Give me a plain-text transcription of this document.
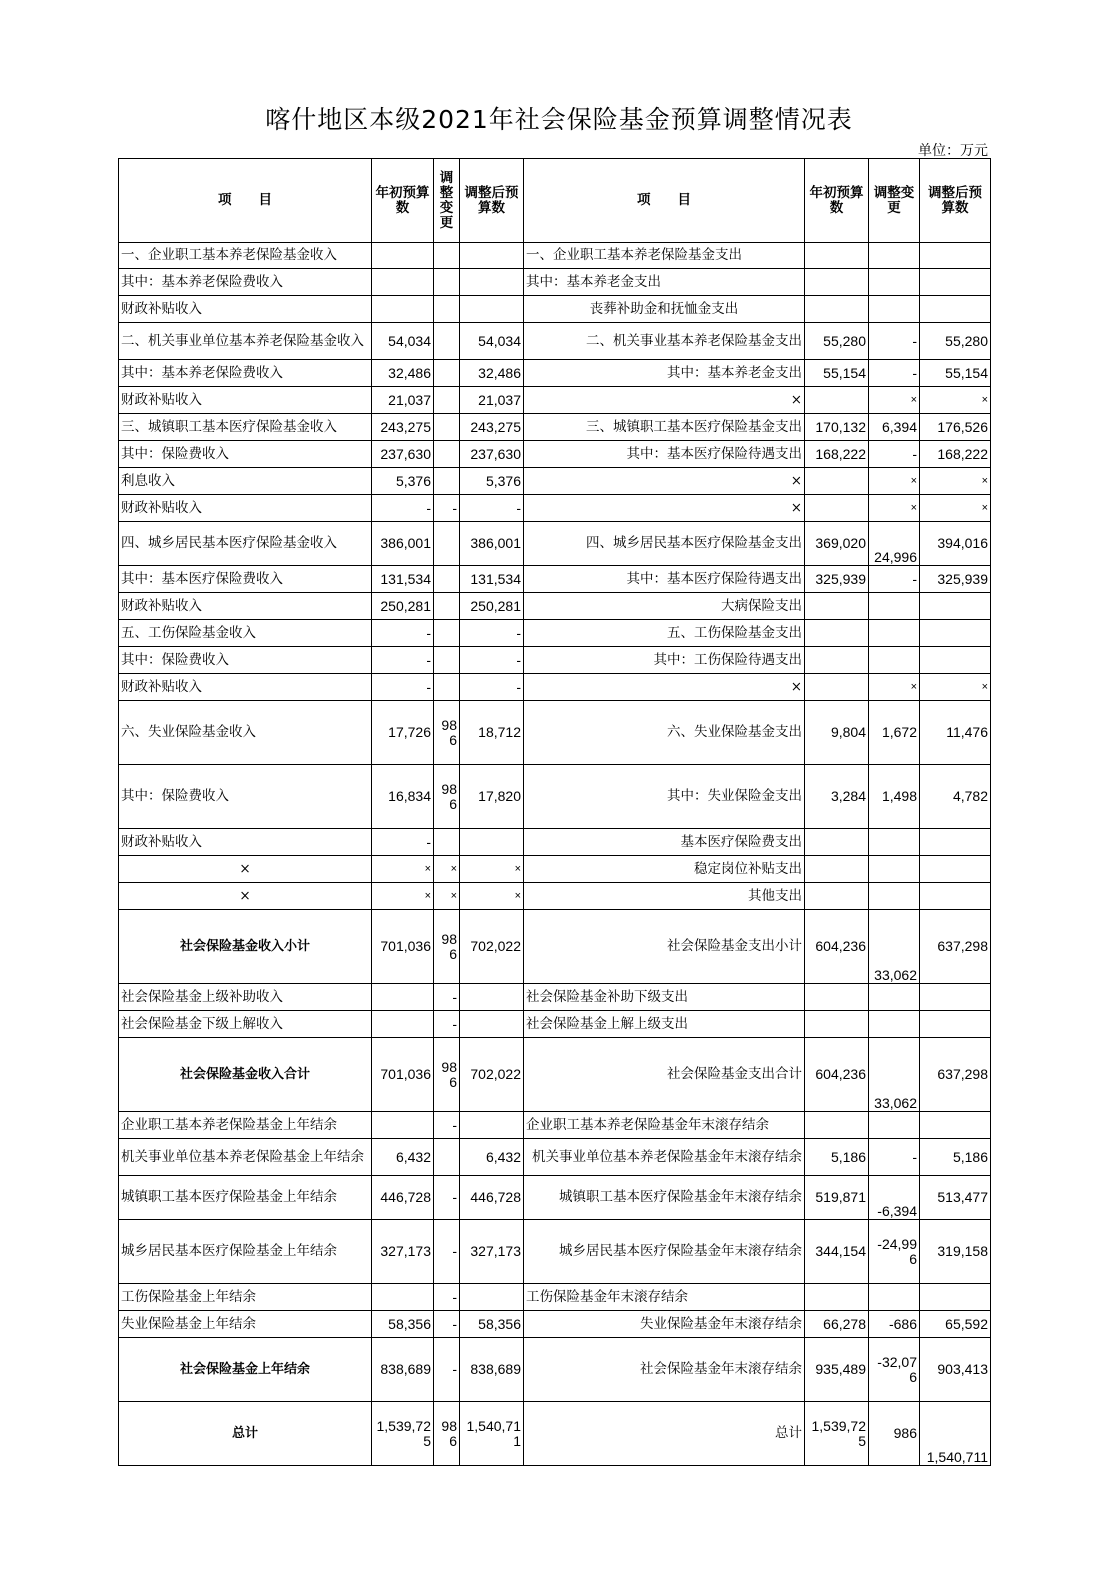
喀什地区本级2021年社会保险基金预算调整情况表
单位：万元
项　　目	年初预算数	调整变更	调整后预算数	项　　目	年初预算数	调整变更	调整后预算数
一、企业职工基本养老保险基金收入				一、企业职工基本养老保险基金支出			
其中：基本养老保险费收入				其中：基本养老金支出			
财政补贴收入				丧葬补助金和抚恤金支出			
二、机关事业单位基本养老保险基金收入	54,034		54,034	二、机关事业基本养老保险基金支出	55,280	-	55,280
其中：基本养老保险费收入	32,486		32,486	其中：基本养老金支出	55,154	-	55,154
财政补贴收入	21,037		21,037	×		×	×
三、城镇职工基本医疗保险基金收入	243,275		243,275	三、城镇职工基本医疗保险基金支出	170,132	6,394	176,526
其中：保险费收入	237,630		237,630	其中：基本医疗保险待遇支出	168,222	-	168,222
利息收入	5,376		5,376	×		×	×
财政补贴收入	-	-	-	×		×	×
四、城乡居民基本医疗保险基金收入	386,001		386,001	四、城乡居民基本医疗保险基金支出	369,020	24,996	394,016
其中：基本医疗保险费收入	131,534		131,534	其中：基本医疗保险待遇支出	325,939	-	325,939
财政补贴收入	250,281		250,281	大病保险支出			
五、工伤保险基金收入	-		-	五、工伤保险基金支出			
其中：保险费收入	-		-	其中：工伤保险待遇支出			
财政补贴收入	-		-	×		×	×
六、失业保险基金收入	17,726	986	18,712	六、失业保险基金支出	9,804	1,672	11,476
其中：保险费收入	16,834	986	17,820	其中：失业保险金支出	3,284	1,498	4,782
财政补贴收入	-			基本医疗保险费支出			
×	×	×	×	稳定岗位补贴支出			
×	×	×	×	其他支出			
社会保险基金收入小计	701,036	986	702,022	社会保险基金支出小计	604,236	33,062	637,298
社会保险基金上级补助收入		-		社会保险基金补助下级支出			
社会保险基金下级上解收入		-		社会保险基金上解上级支出			
社会保险基金收入合计	701,036	986	702,022	社会保险基金支出合计	604,236	33,062	637,298
企业职工基本养老保险基金上年结余		-		企业职工基本养老保险基金年末滚存结余			
机关事业单位基本养老保险基金上年结余	6,432		6,432	机关事业单位基本养老保险基金年末滚存结余	5,186	-	5,186
城镇职工基本医疗保险基金上年结余	446,728	-	446,728	城镇职工基本医疗保险基金年末滚存结余	519,871	-6,394	513,477
城乡居民基本医疗保险基金上年结余	327,173	-	327,173	城乡居民基本医疗保险基金年末滚存结余	344,154	-24,996	319,158
工伤保险基金上年结余		-		工伤保险基金年末滚存结余			
失业保险基金上年结余	58,356	-	58,356	失业保险基金年末滚存结余	66,278	-686	65,592
社会保险基金上年结余	838,689	-	838,689	社会保险基金年末滚存结余	935,489	-32,076	903,413
总计	1,539,725	986	1,540,711	总计	1,539,725	986	1,540,711
